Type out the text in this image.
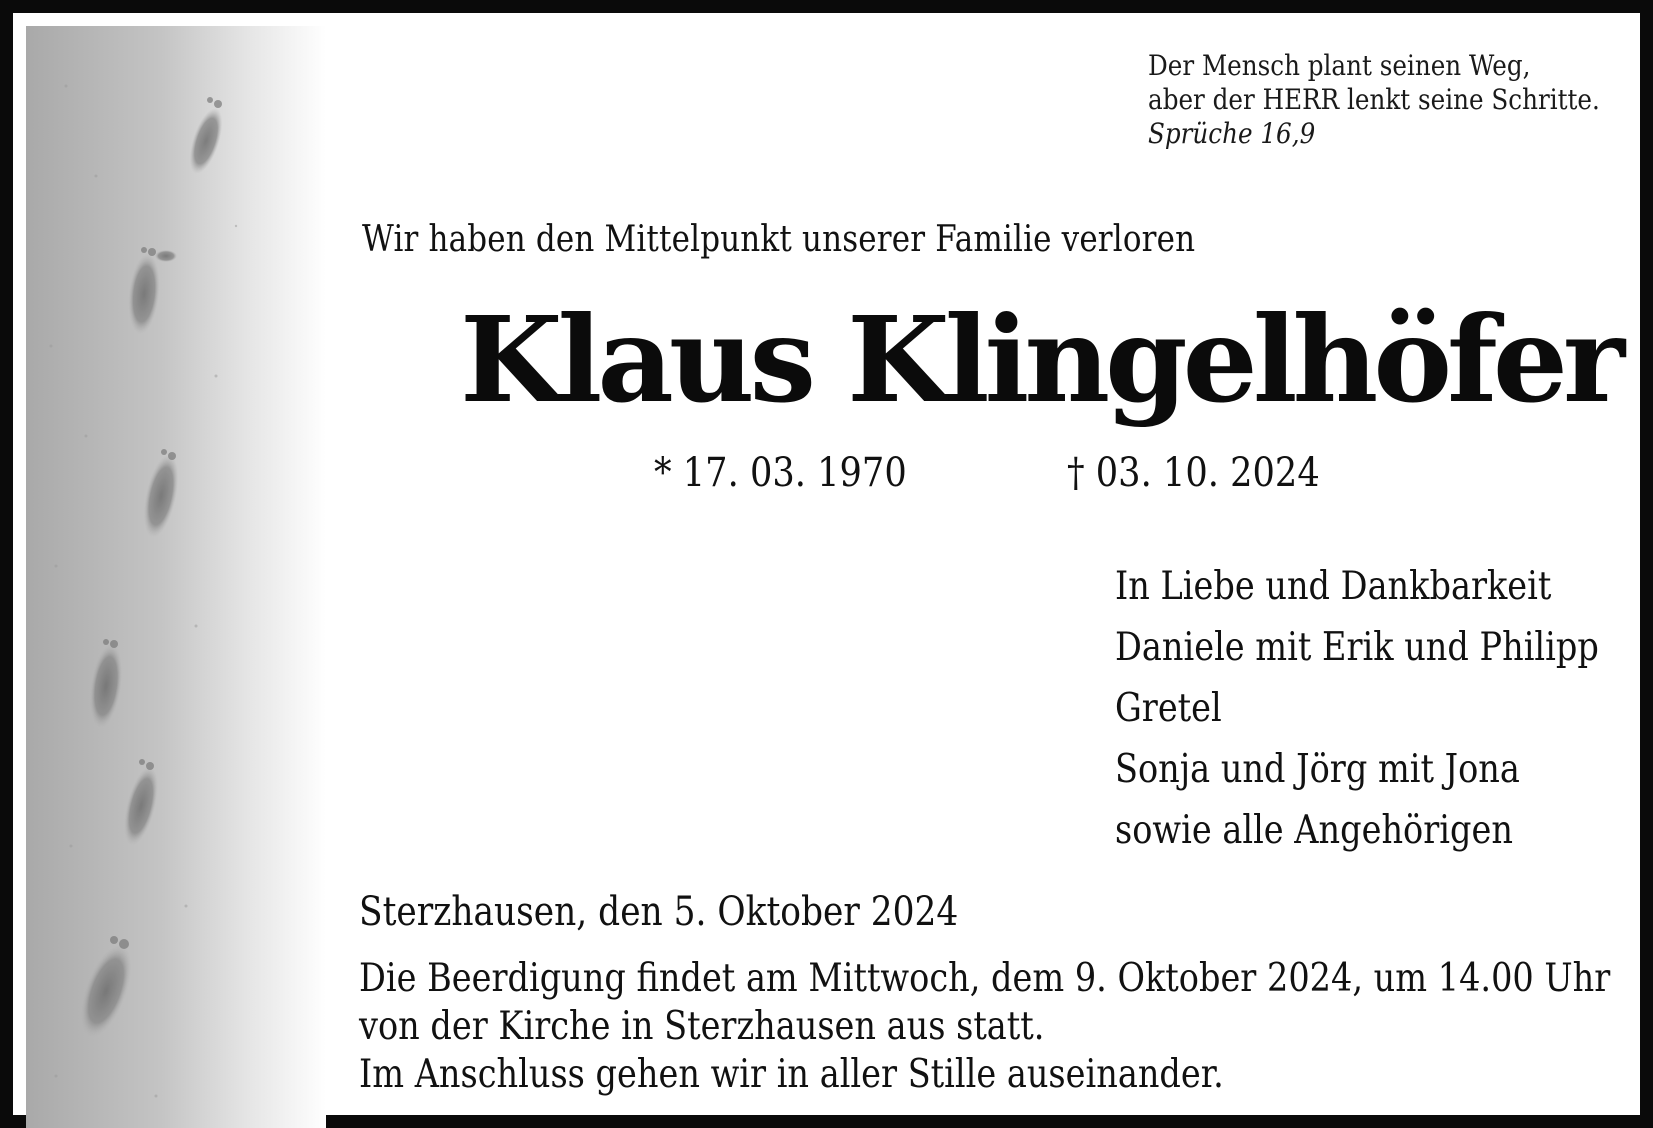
Der Mensch plant seinen Weg,
aber der HERR lenkt seine Schritte.
Sprüche 16,9
Wir haben den Mittelpunkt unserer Familie verloren
Klaus Klingelhöfer
* 17. 03. 1970	† 03. 10. 2024
In Liebe und Dankbarkeit
Daniele mit Erik und Philipp
Gretel
Sonja und Jörg mit Jona
sowie alle Angehörigen
Sterzhausen, den 5. Oktober 2024
Die Beerdigung findet am Mittwoch, dem 9. Oktober 2024, um 14.00 Uhr
von der Kirche in Sterzhausen aus statt.
Im Anschluss gehen wir in aller Stille auseinander.
